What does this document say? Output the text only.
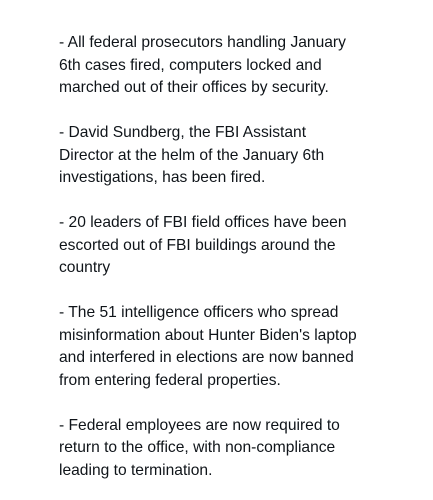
- All federal prosecutors handling January
6th cases fired, computers locked and
marched out of their offices by security.

- David Sundberg, the FBI Assistant
Director at the helm of the January 6th
investigations, has been fired.

- 20 leaders of FBI field offices have been
escorted out of FBI buildings around the
country

- The 51 intelligence officers who spread
misinformation about Hunter Biden's laptop
and interfered in elections are now banned
from entering federal properties.

- Federal employees are now required to
return to the office, with non-compliance
leading to termination.
